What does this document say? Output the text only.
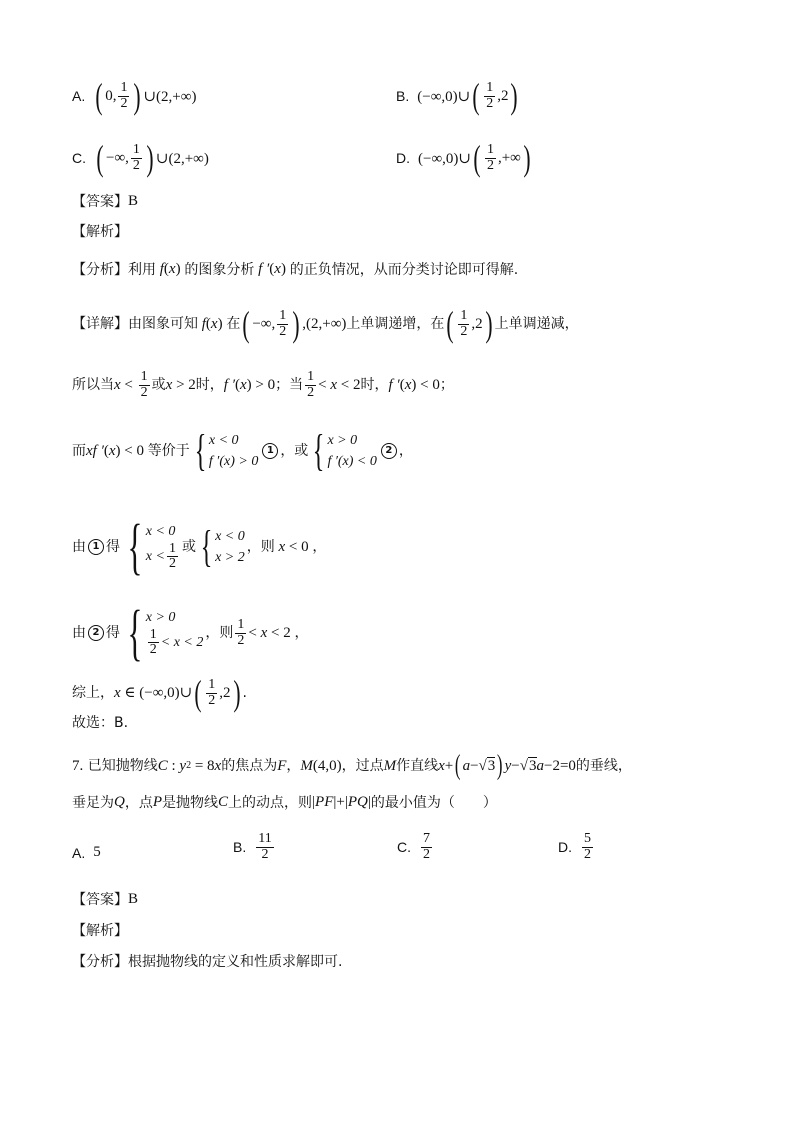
A. ( 0, $\frac{1}{2}$ ) ∪(2,+∞)	B. (−∞,0)∪ ( $\frac{1}{2} ,2$ )
C. ( −∞, $\frac{1}{2}$ ) ∪(2,+∞)	D. (−∞,0)∪ ( $\frac{1}{2}$ ,+∞ )
【答案】 B
【解析】
【分析】 利用 f ( x ) 的图象分析 f ′ ( x ) 的正负情况，从而分类讨论即可得解.
【详解】 由图象可知 f ( x ) 在 ( −∞, $\frac{1}{2}$ ) ,(2,+∞) 上单调递增，在 ( $\frac{1}{2} ,2$ ) 上单调递减，
所以当 $x < \frac{1}{2}$ 或 x > 2 时， f ′ ( x ) > 0 ；当 $\frac{1}{2} < x < 2$ 时， f ′ ( x ) < 0 ；
而 xf ′ ( x ) < 0 等价于 { x < 0
f ′(x) > 0
1 ，或 { x > 0
f ′(x) < 0
2 ，
由 1 得 { x < 0
$x < \frac{1}{2}$ 或 { x < 0
x > 2
，则 x < 0 ，
由 2 得 { x > 0
$\frac{1}{2} < x < 2$
，则 $\frac{1}{2} < x < 2$ ，
综上， x ∈ (−∞,0)∪ ( $\frac{1}{2} ,2$ ) .
故选：B.
7.
已知抛物线 C : y 2 = 8 x 的焦点为 F ， M (4,0) ，过点 M 作直线 x + ( a −√3 ) y −√3 a −2=0 的垂线，
垂足为 Q ，点 P 是抛物线 C 上的动点，则 | PF |+| PQ | 的最小值为（　　）
A. 5	B. $\frac{11}{2}$	C. $\frac{7}{2}$	D. $\frac{5}{2}$
【答案】 B
【解析】
【分析】 根据抛物线的定义和性质求解即可.
